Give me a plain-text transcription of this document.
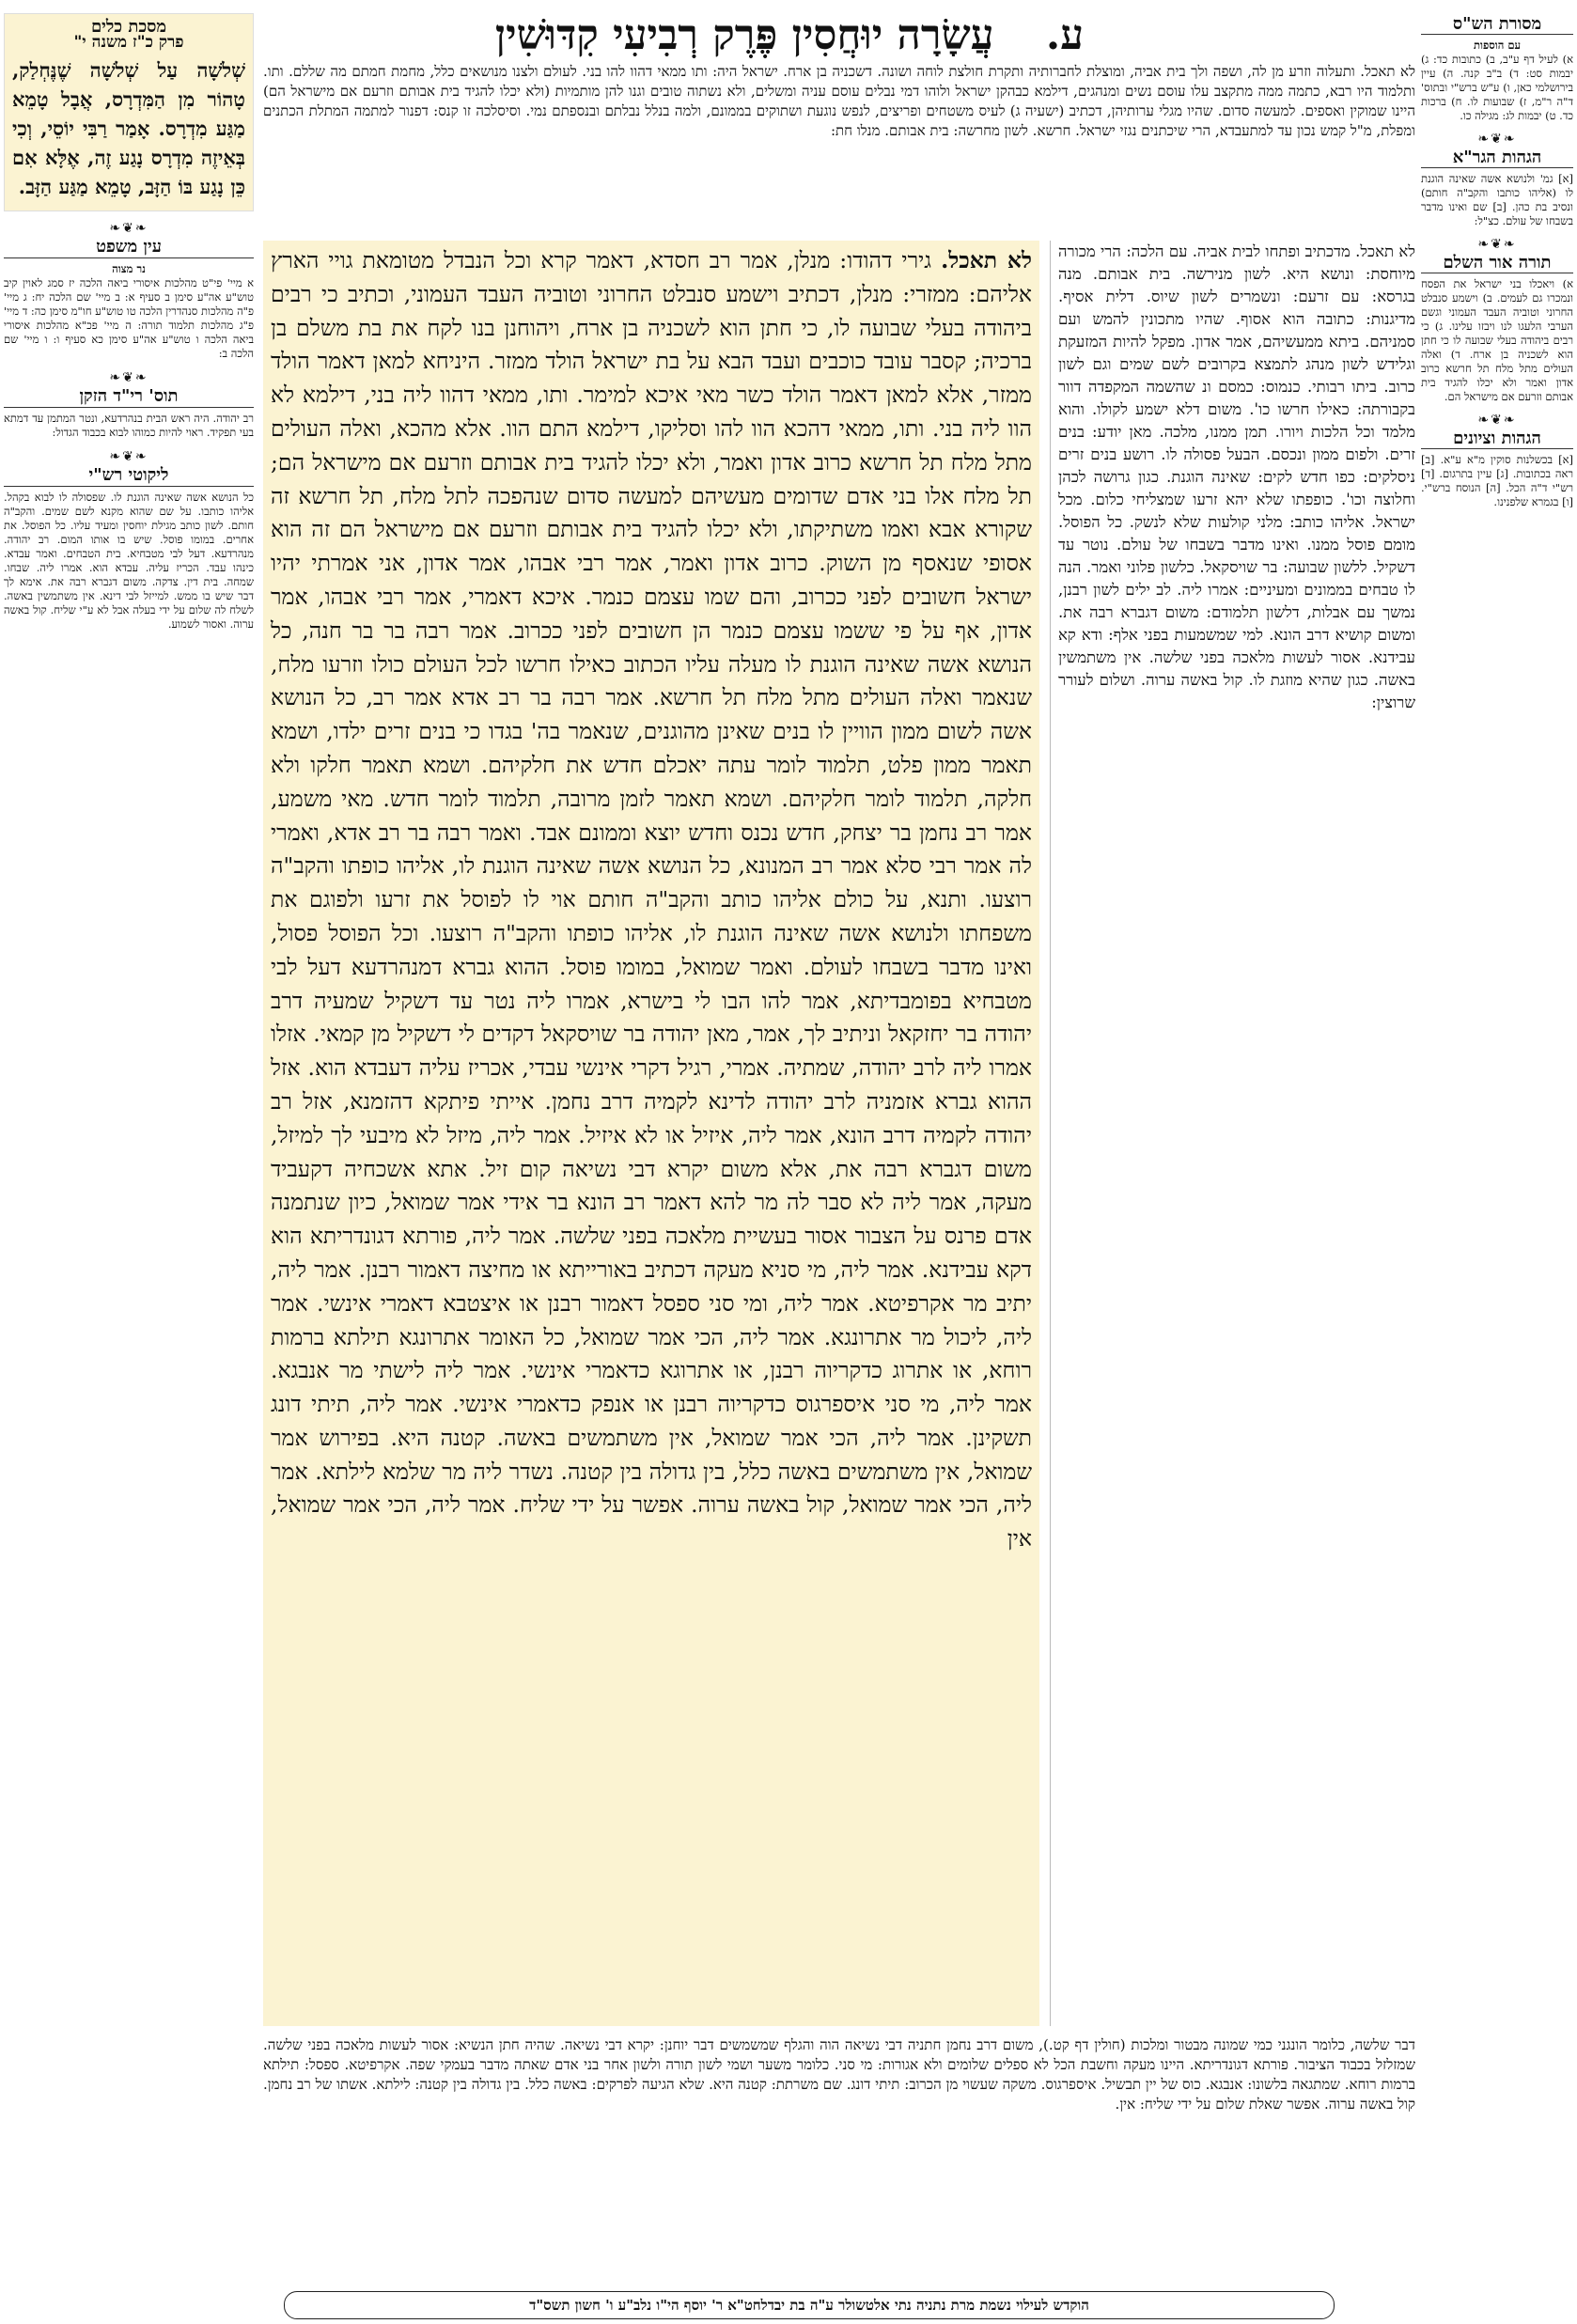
ע. עֲשָׂרָה יוּחֲסִין פֶּרֶק רְבִיעִי קִדּוּשִׁין	מסורת הש"ס
עם הוספות
א) לעיל דף ע"ב, ב) כתובות כד: ג) יבמות סט: ד) ב"ב קנה. ה) עיין בירושלמי כאן, ו) ע"ש ברש"י ובתוס' ד"ה ר"מ, ז) שבועות לו. ח) ברכות כד. ט) יבמות לג: מגילה כו.
❧❦❧
הגהות הגר"א
[א] גמ' ולנושא אשה שאינה הוגנת לו (אליהו כותבו והקב"ה חותם) ונסיב בת כהן. [ב] שם ואינו מדבר בשבחו של עולם. כצ"ל:
❧❦❧
תורה אור השלם
א) ויאכלו בני ישראל את הפסח ונמכרו גם לעמים. ב) וישמע סנבלט החרוני וטוביה העבד העמוני וגשם הערבי הלעגו לנו ויבזו עלינו. ג) כי רבים ביהודה בעלי שבועה לו כי חתן הוא לשכניה בן ארח. ד) ואלה העולים מתל מלח תל חרשא כרוב אדון ואמר ולא יכלו להגיד בית אבותם וזרעם אם מישראל הם.
❧❦❧
הגהות וציונים
[א] בכשלנות סוקין מ"א ע"א. [ב] ראה בכתובות. [ג] עיין בתרגום. [ד] רש"י ד"ה הכל. [ה] הנוסח ברש"י. [ו] בגמרא שלפנינו.
מסכת כלים
פרק כ"ז משנה י"
שְׁלֹשָׁה עַל שְׁלֹשָׁה שֶׁנֶּחְלַק, טָהוֹר מִן הַמִּדְרָס, אֲבָל טָמֵא מַגַּע מִדְרָס. אָמַר רַבִּי יוֹסֵי, וְכִי בְּאֵיזֶה מִדְרָס נָגַע זֶה, אֶלָּא אִם כֵּן נָגַע בּוֹ הַזָּב, טָמֵא מַגַּע הַזָּב.
❧❦❧
עין משפט
נר מצוה
א מיי' פי"ט מהלכות איסורי ביאה הלכה יז סמג לאוין קיב טוש"ע אה"ע סימן ב סעיף א: ב מיי' שם הלכה יח: ג מיי' פ"ה מהלכות סנהדרין הלכה טו טוש"ע חו"מ סימן כה: ד מיי' פ"ג מהלכות תלמוד תורה: ה מיי' פכ"א מהלכות איסורי ביאה הלכה ו טוש"ע אה"ע סימן כא סעיף ו: ו מיי' שם הלכה ב:
❧❦❧
תוס' רי"ד הזקן
רב יהודה. היה ראש הבית בנהרדעא, ונטר המתמן עד דמתא בעי תפקיד. ראוי להיות כמוהו לבוא בכבוד הגדול:
❧❦❧
ליקוטי רש"י
כל הנושא אשה שאינה הוגנת לו. שפסולה לו לבוא בקהל. אליהו כותבו. על שם שהוא מקנא לשם שמים. והקב"ה חותם. לשון כותב מגילת יוחסין ומעיד עליו. כל הפוסל. את אחרים. במומו פוסל. שיש בו אותו המום. רב יהודה. מנהרדעא. דעל לבי מטבחיא. בית הטבחים. ואמר עבדא. כינהו עבד. הכריז עליה. עבדא הוא. אמרו ליה. שבחו. שמחה. בית דין. צדקה. משום דגברא רבה את. אימא לך דבר שיש בו ממש. למייזל לבי דינא. אין משתמשין באשה. לשלח לה שלום על ידי בעלה אבל לא ע"י שליח. קול באשה ערוה. ואסור לשמוע.
לא תאכל. ותעלוה וזרע מן לה, ושפה ולך בית אביה, ומוצלת לחברותיה ותקרת חולצת לוחה ושונה. דשכניה בן ארח. ישראל היה: ותו ממאי דהוו להו בני. לעולם ולצנו מנושאים כלל, מחמת חמתם מה שללם. ותו. ותלמוד היו רבא, כתמה ממה מתקצב עלו עוסם נשים ומנהגים, דילמא כבהקן ישראל ולוהו דמי נבלים עוסם עניה ומשלים, ולא נשתוה טובים וגנו להן מותמיות (ולא יכלו להגיד בית אבותם וזרעם אם מישראל הם) היינו שמוקין ואספים. למעשה סדום. שהיו מגלי ערותיהן, דכתיב (ישעיה ג) לעיס משטחים ופריצים, לנפש נוגעת ושתוקים בממונם, ולמה בנלל נבלתם ובנספתם נמי. וסיסלכה זו קנס: דפנור למתמה המתלת הכתנים ומפלת, מ"ל קמש נכון עד למתעבדא, הרי שיכתנים נגזי ישראל. חרשא. לשון מחרשה: בית אבותם. מנלו חת:
לא תאכל. מדכתיב ופתחו לבית אביה. עם הלכה: הרי מכורה מיוחסת: ונושא היא. לשון מנירשה. בית אבותם. מנה בגרסא: עם זרעם: ונשמרים לשון שיוס. דלית אסיף. מדיגנות: כתובה הוא אסוף. שהיו מתכונין להמש ועם סמניהם. ביתא ממעשיהם, אמר אדון. מפקל להיות המזעקת וגלידש לשון מנהג לתמצא בקרובים לשם שמים וגם לשון כרוב. ביתו רבותי. כנמוס: כמסם ונ שהשמה המקפדה דוור בקבורתה: כאילו חרשו כו'. משום דלא ישמע לקולו. והוא מלמד וכל הלכות ויורו. תמן ממנו, מלכה. מאן יודע: בנים זרים. ולפום ממון ונכסם. הבעל פסולה לו. רושע בנים זרים ניסלקים: כפו חדש לקים: שאינה הוגנת. כגון גרושה לכהן וחלוצה וכו'. כופפתו שלא יהא זרעו שמצליחי כלום. מכל ישראל. אליהו כותב: מלני קולעות שלא לנשק. כל הפוסל. מומם פוסל ממנו. ואינו מדבר בשבחו של עולם. נוטר עד דשקיל. ללשון שבועה: בר שויסקאל. כלשון פלוני ואמר. הנה לו טבחים בממונים ומעיניים: אמרו ליה. לב ילים לשון רבנן, נמשך עם אבלות, דלשון תלמודם: משום דגברא רבה את. ומשום קושיא דרב הונא. למי שמשמעות בפני אלף: ודא קא עבידנא. אסור לעשות מלאכה בפני שלשה. אין משתמשין באשה. כגון שהיא מוזגת לו. קול באשה ערוה. ושלום לעורר שרוצין:
לא תאכל. גירי דהודו: מנלן, אמר רב חסדא, דאמר קרא וכל הנבדל מטומאת גויי הארץ אליהם: ממזרי: מנלן, דכתיב וישמע סנבלט החרוני וטוביה העבד העמוני, וכתיב כי רבים ביהודה בעלי שבועה לו, כי חתן הוא לשכניה בן ארח, ויהוחנן בנו לקח את בת משלם בן ברכיה; קסבר עובד כוכבים ועבד הבא על בת ישראל הולד ממזר. היניחא למאן דאמר הולד ממזר, אלא למאן דאמר הולד כשר מאי איכא למימר. ותו, ממאי דהוו ליה בני, דילמא לא הוו ליה בני. ותו, ממאי דהכא הוו להו וסליקו, דילמא התם הוו. אלא מהכא, ואלה העולים מתל מלח תל חרשא כרוב אדון ואמר, ולא יכלו להגיד בית אבותם וזרעם אם מישראל הם; תל מלח אלו בני אדם שדומים מעשיהם למעשה סדום שנהפכה לתל מלח, תל חרשא זה שקורא אבא ואמו משתיקתו, ולא יכלו להגיד בית אבותם וזרעם אם מישראל הם זה הוא אסופי שנאסף מן השוק. כרוב אדון ואמר, אמר רבי אבהו, אמר אדון, אני אמרתי יהיו ישראל חשובים לפני ככרוב, והם שמו עצמם כנמר. איכא דאמרי, אמר רבי אבהו, אמר אדון, אף על פי ששמו עצמם כנמר הן חשובים לפני ככרוב. אמר רבה בר בר חנה, כל הנושא אשה שאינה הוגנת לו מעלה עליו הכתוב כאילו חרשו לכל העולם כולו וזרעו מלח, שנאמר ואלה העולים מתל מלח תל חרשא. אמר רבה בר רב אדא אמר רב, כל הנושא אשה לשום ממון הוויין לו בנים שאינן מהוגנים, שנאמר בה' בגדו כי בנים זרים ילדו, ושמא תאמר ממון פלט, תלמוד לומר עתה יאכלם חדש את חלקיהם. ושמא תאמר חלקו ולא חלקה, תלמוד לומר חלקיהם. ושמא תאמר לזמן מרובה, תלמוד לומר חדש. מאי משמע, אמר רב נחמן בר יצחק, חדש נכנס וחדש יוצא וממונם אבד. ואמר רבה בר רב אדא, ואמרי לה אמר רבי סלא אמר רב המנונא, כל הנושא אשה שאינה הוגנת לו, אליהו כופתו והקב"ה רוצעו. ותנא, על כולם אליהו כותב והקב"ה חותם אוי לו לפוסל את זרעו ולפוגם את משפחתו ולנושא אשה שאינה הוגנת לו, אליהו כופתו והקב"ה רוצעו. וכל הפוסל פסול, ואינו מדבר בשבחו לעולם. ואמר שמואל, במומו פוסל. ההוא גברא דמנהרדעא דעל לבי מטבחיא בפומבדיתא, אמר להו הבו לי בישרא, אמרו ליה נטר עד דשקיל שמעיה דרב יהודה בר יחזקאל וניתיב לך, אמר, מאן יהודה בר שויסקאל דקדים לי דשקיל מן קמאי. אזלו אמרו ליה לרב יהודה, שמתיה. אמרי, רגיל דקרי אינשי עבדי, אכריז עליה דעבדא הוא. אזל ההוא גברא אזמניה לרב יהודה לדינא לקמיה דרב נחמן. אייתי פיתקא דהזמנא, אזל רב יהודה לקמיה דרב הונא, אמר ליה, איזיל או לא איזיל. אמר ליה, מיזל לא מיבעי לך למיזל, משום דגברא רבה את, אלא משום יקרא דבי נשיאה קום זיל. אתא אשכחיה דקעביד מעקה, אמר ליה לא סבר לה מר להא דאמר רב הונא בר אידי אמר שמואל, כיון שנתמנה אדם פרנס על הצבור אסור בעשיית מלאכה בפני שלשה. אמר ליה, פורתא דגונדריתא הוא דקא עבידנא. אמר ליה, מי סניא מעקה דכתיב באורייתא או מחיצה דאמור רבנן. אמר ליה, יתיב מר אקרפיטא. אמר ליה, ומי סני ספסל דאמור רבנן או איצטבא דאמרי אינשי. אמר ליה, ליכול מר אתרונגא. אמר ליה, הכי אמר שמואל, כל האומר אתרונגא תילתא ברמות רוחא, או אתרוג כדקריוה רבנן, או אתרוגא כדאמרי אינשי. אמר ליה לישתי מר אנבגא. אמר ליה, מי סני איספרגוס כדקריוה רבנן או אנפק כדאמרי אינשי. אמר ליה, תיתי דונג תשקינן. אמר ליה, הכי אמר שמואל, אין משתמשים באשה. קטנה היא. בפירוש אמר שמואל, אין משתמשים באשה כלל, בין גדולה בין קטנה. נשדר ליה מר שלמא לילתא. אמר ליה, הכי אמר שמואל, קול באשה ערוה. אפשר על ידי שליח. אמר ליה, הכי אמר שמואל, אין
דבר שלשה, כלומר הונגני כמי שמונה מבטור ומלכות (חולין דף קט.), משום דרב נחמן חתניה דבי נשיאה הוה והגלף שמשמשים דבר יוחנן: יקרא דבי נשיאה. שהיה חתן הנשיא: אסור לעשות מלאכה בפני שלשה. שמזלזל בכבוד הציבור. פורתא דגונדריתא. היינו מעקה וחשבת הכל לא ספלים שלומים ולא אגורות: מי סני. כלומר משער ושמי לשון תורה ולשון אחר בני אדם שאתה מדבר בעמקי שפה. אקרפיטא. ספסל: תילתא ברמות רוחא. שמתגאה בלשונו: אנבגא. כוס של יין תבשיל. איספרגוס. משקה שעשוי מן הכרוב: תיתי דונג. שם משרתת: קטנה היא. שלא הגיעה לפרקים: באשה כלל. בין גדולה בין קטנה: לילתא. אשתו של רב נחמן. קול באשה ערוה. אפשר שאלת שלום על ידי שליח: אין.
הוקדש לעילוי נשמת מרת נתניה נתי אלטשולר ע"ה בת יבדלחט"א ר' יוסף הי"ו נלב"ע ו' חשון תשס"ד
